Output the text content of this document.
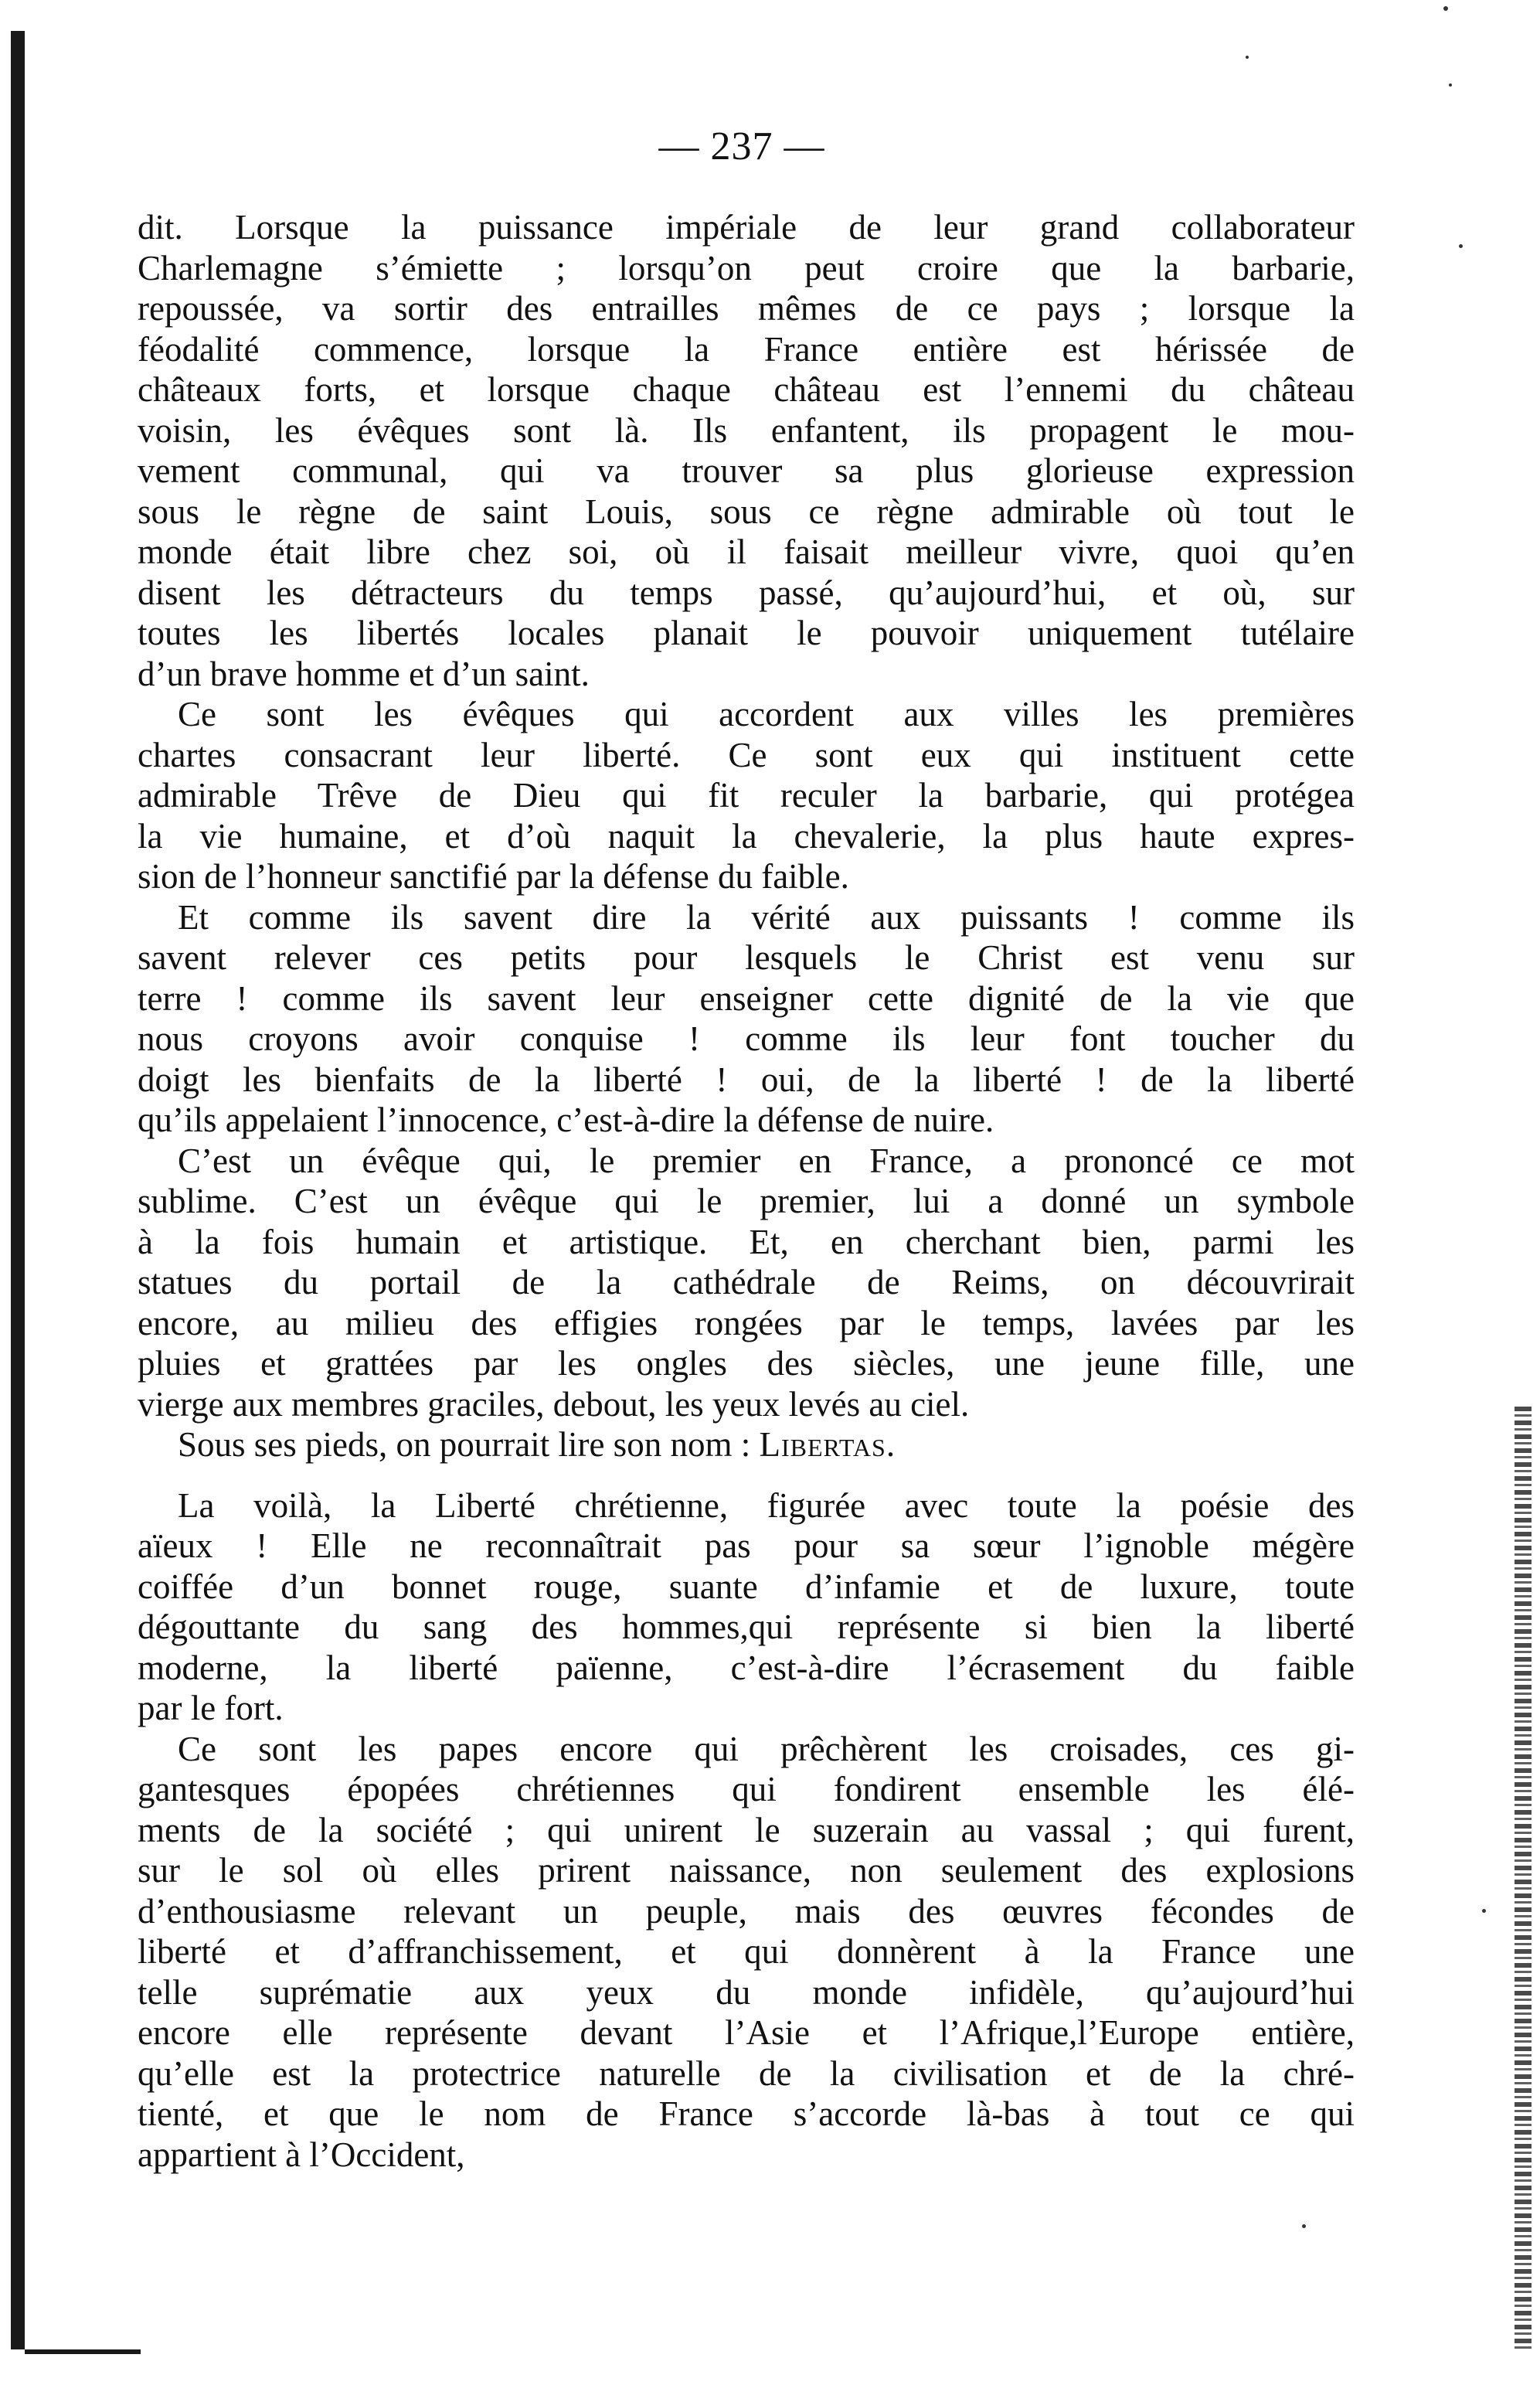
— 237 —
dit. Lorsque la puissance impériale de leur grand collaborateur
Charlemagne s’émiette ; lorsqu’on peut croire que la barbarie,
repoussée, va sortir des entrailles mêmes de ce pays ; lorsque la
féodalité commence, lorsque la France entière est hérissée de
châteaux forts, et lorsque chaque château est l’ennemi du château
voisin, les évêques sont là. Ils enfantent, ils propagent le mou-
vement communal, qui va trouver sa plus glorieuse expression
sous le règne de saint Louis, sous ce règne admirable où tout le
monde était libre chez soi, où il faisait meilleur vivre, quoi qu’en
disent les détracteurs du temps passé, qu’aujourd’hui, et où, sur
toutes les libertés locales planait le pouvoir uniquement tutélaire
d’un brave homme et d’un saint.
Ce sont les évêques qui accordent aux villes les premières
chartes consacrant leur liberté. Ce sont eux qui instituent cette
admirable Trêve de Dieu qui fit reculer la barbarie, qui protégea
la vie humaine, et d’où naquit la chevalerie, la plus haute expres-
sion de l’honneur sanctifié par la défense du faible.
Et comme ils savent dire la vérité aux puissants ! comme ils
savent relever ces petits pour lesquels le Christ est venu sur
terre ! comme ils savent leur enseigner cette dignité de la vie que
nous croyons avoir conquise ! comme ils leur font toucher du
doigt les bienfaits de la liberté ! oui, de la liberté ! de la liberté
qu’ils appelaient l’innocence, c’est-à-dire la défense de nuire.
C’est un évêque qui, le premier en France, a prononcé ce mot
sublime. C’est un évêque qui le premier, lui a donné un symbole
à la fois humain et artistique. Et, en cherchant bien, parmi les
statues du portail de la cathédrale de Reims, on découvrirait
encore, au milieu des effigies rongées par le temps, lavées par les
pluies et grattées par les ongles des siècles, une jeune fille, une
vierge aux membres graciles, debout, les yeux levés au ciel.
Sous ses pieds, on pourrait lire son nom : Libertas.
La voilà, la Liberté chrétienne, figurée avec toute la poésie des
aïeux ! Elle ne reconnaîtrait pas pour sa sœur l’ignoble mégère
coiffée d’un bonnet rouge, suante d’infamie et de luxure, toute
dégouttante du sang des hommes,qui représente si bien la liberté
moderne, la liberté païenne, c’est-à-dire l’écrasement du faible
par le fort.
Ce sont les papes encore qui prêchèrent les croisades, ces gi-
gantesques épopées chrétiennes qui fondirent ensemble les élé-
ments de la société ; qui unirent le suzerain au vassal ; qui furent,
sur le sol où elles prirent naissance, non seulement des explosions
d’enthousiasme relevant un peuple, mais des œuvres fécondes de
liberté et d’affranchissement, et qui donnèrent à la France une
telle suprématie aux yeux du monde infidèle, qu’aujourd’hui
encore elle représente devant l’Asie et l’Afrique,l’Europe entière,
qu’elle est la protectrice naturelle de la civilisation et de la chré-
tienté, et que le nom de France s’accorde là-bas à tout ce qui
appartient à l’Occident,
